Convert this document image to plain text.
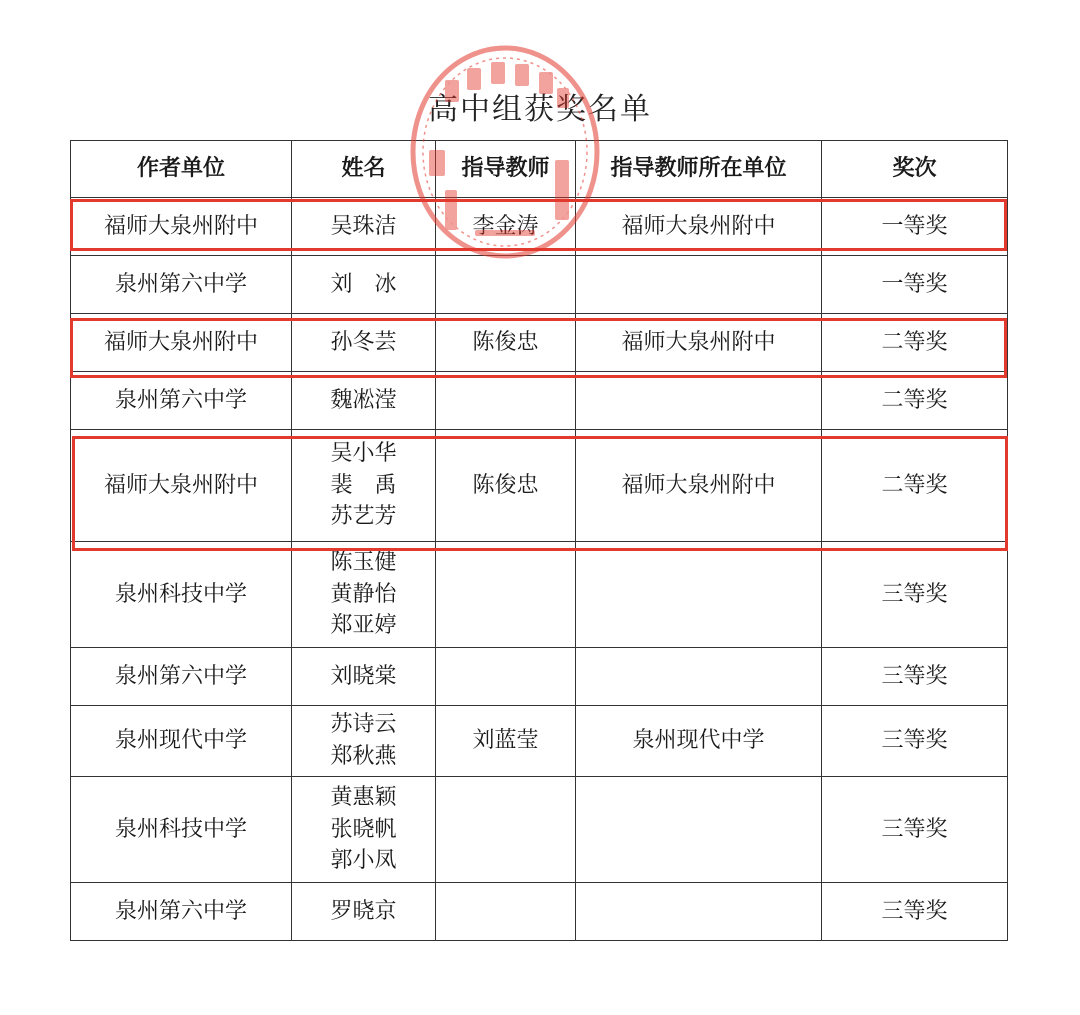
高中组获奖名单
作者单位	姓名	指导教师	指导教师所在单位	奖次
福师大泉州附中	吴珠洁	李金涛	福师大泉州附中	一等奖
泉州第六中学	刘　冰			一等奖
福师大泉州附中	孙冬芸	陈俊忠	福师大泉州附中	二等奖
泉州第六中学	魏凇滢			二等奖
福师大泉州附中	吴小华
裴　禹
苏艺芳	陈俊忠	福师大泉州附中	二等奖
泉州科技中学	陈玉健
黄静怡
郑亚婷			三等奖
泉州第六中学	刘晓棠			三等奖
泉州现代中学	苏诗云
郑秋燕	刘蓝莹	泉州现代中学	三等奖
泉州科技中学	黄惠颖
张晓帆
郭小凤			三等奖
泉州第六中学	罗晓京			三等奖
